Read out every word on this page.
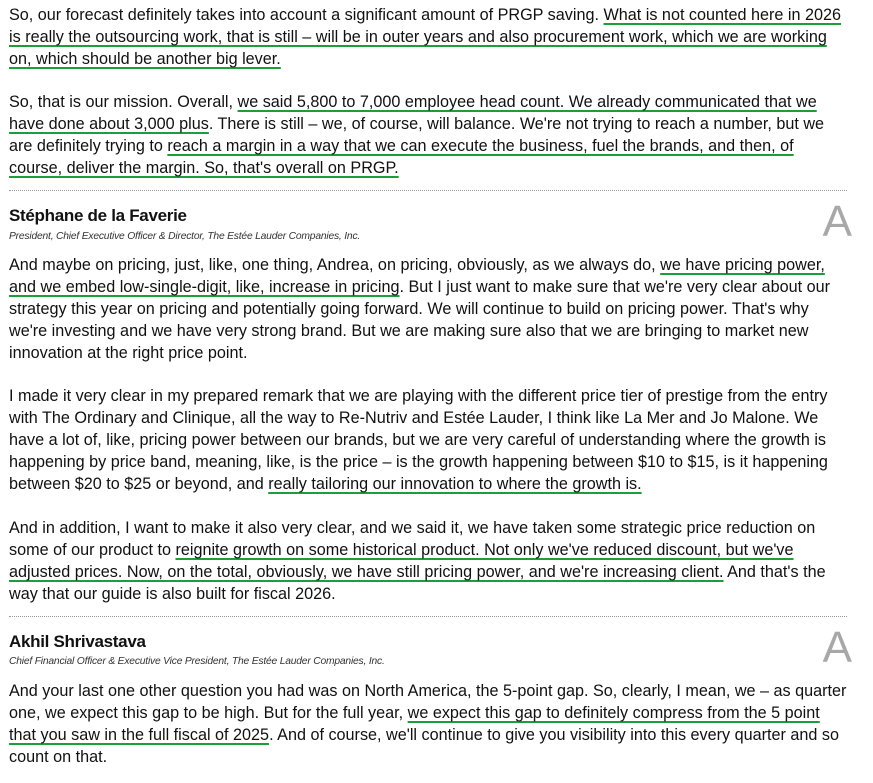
So, our forecast definitely takes into account a significant amount of PRGP saving. What is not counted here in 2026 is really the outsourcing work, that is still – will be in outer years and also procurement work, which we are working on, which should be another big lever.

So, that is our mission. Overall, we said 5,800 to 7,000 employee head count. We already communicated that we have done about 3,000 plus. There is still – we, of course, will balance. We're not trying to reach a number, but we are definitely trying to reach a margin in a way that we can execute the business, fuel the brands, and then, of course, deliver the margin. So, that's overall on PRGP.

Stéphane de la Faverie
President, Chief Executive Officer & Director, The Estée Lauder Companies, Inc.	A

And maybe on pricing, just, like, one thing, Andrea, on pricing, obviously, as we always do, we have pricing power, and we embed low-single-digit, like, increase in pricing. But I just want to make sure that we're very clear about our strategy this year on pricing and potentially going forward. We will continue to build on pricing power. That's why we're investing and we have very strong brand. But we are making sure also that we are bringing to market new innovation at the right price point.

I made it very clear in my prepared remark that we are playing with the different price tier of prestige from the entry with The Ordinary and Clinique, all the way to Re-Nutriv and Estée Lauder, I think like La Mer and Jo Malone. We have a lot of, like, pricing power between our brands, but we are very careful of understanding where the growth is happening by price band, meaning, like, is the price – is the growth happening between $10 to $15, is it happening between $20 to $25 or beyond, and really tailoring our innovation to where the growth is.

And in addition, I want to make it also very clear, and we said it, we have taken some strategic price reduction on some of our product to reignite growth on some historical product. Not only we've reduced discount, but we've adjusted prices. Now, on the total, obviously, we have still pricing power, and we're increasing client. And that's the way that our guide is also built for fiscal 2026.

Akhil Shrivastava
Chief Financial Officer & Executive Vice President, The Estée Lauder Companies, Inc.	A

And your last one other question you had was on North America, the 5-point gap. So, clearly, I mean, we – as quarter one, we expect this gap to be high. But for the full year, we expect this gap to definitely compress from the 5 point that you saw in the full fiscal of 2025. And of course, we'll continue to give you visibility into this every quarter and so count on that.
